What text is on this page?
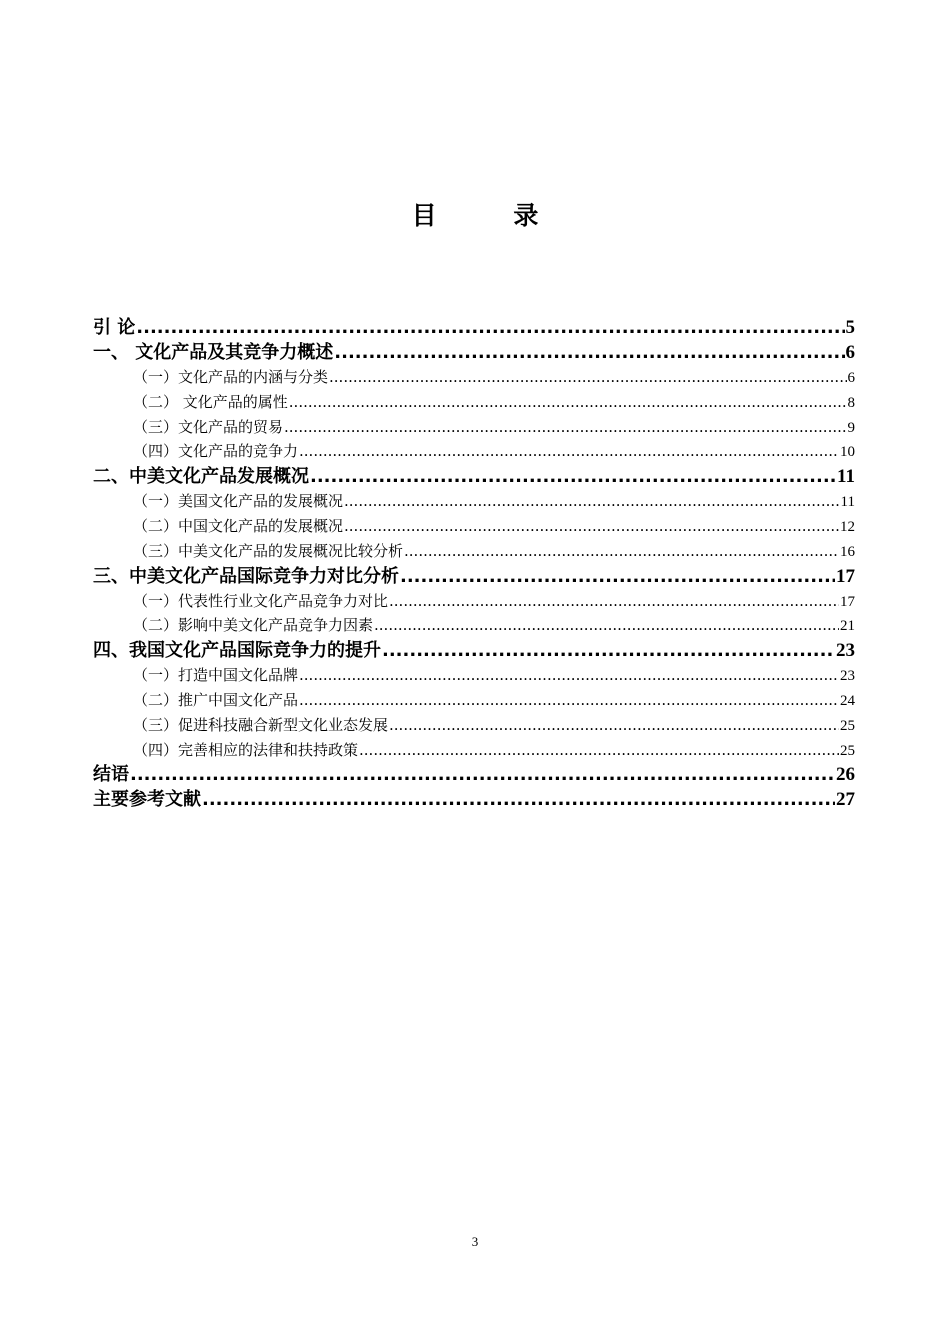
目 录
引 论 .....	5
一、 文化产品及其竞争力概述 .....	6
（一）文化产品的内涵与分类 .....	6
（二） 文化产品的属性 .....	8
（三）文化产品的贸易 .....	9
（四）文化产品的竞争力 .....	10
二、中美文化产品发展概况 .....	11
（一）美国文化产品的发展概况 .....	11
（二）中国文化产品的发展概况 .....	12
（三）中美文化产品的发展概况比较分析 .....	16
三、中美文化产品国际竞争力对比分析 .....	17
（一）代表性行业文化产品竞争力对比 .....	17
（二）影响中美文化产品竞争力因素 .....	21
四、我国文化产品国际竞争力的提升 .....	23
（一）打造中国文化品牌 .....	23
（二）推广中国文化产品 .....	24
（三）促进科技融合新型文化业态发展 .....	25
（四）完善相应的法律和扶持政策 .....	25
结语 .....	26
主要参考文献 .....	27
3
